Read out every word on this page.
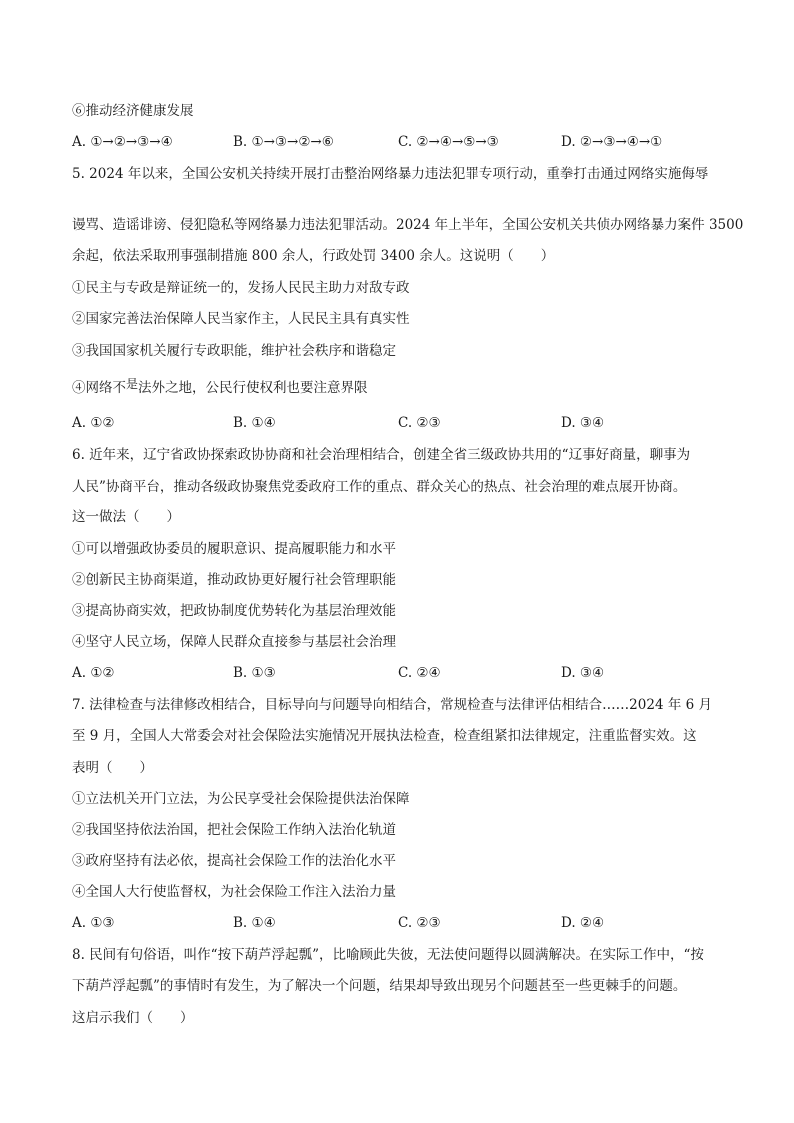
⑥推动经济健康发展
A. ①→②→③→④	B. ①→③→②→⑥	C. ②→④→⑤→③	D. ②→③→④→①
5. 2024 年以来，全国公安机关持续开展打击整治网络暴力违法犯罪专项行动，重拳打击通过网络实施侮辱
谩骂、造谣诽谤、侵犯隐私等网络暴力违法犯罪活动。2024 年上半年，全国公安机关共侦办网络暴力案件 3500
余起，依法采取刑事强制措施 800 余人，行政处罚 3400 余人。这说明（　　）
①民主与专政是辩证统一的，发扬人民民主助力对敌专政
②国家完善法治保障人民当家作主，人民民主具有真实性
③我国国家机关履行专政职能，维护社会秩序和谐稳定
④网络不是法外之地，公民行使权利也要注意界限
A. ①②	B. ①④	C. ②③	D. ③④
6. 近年来，辽宁省政协探索政协协商和社会治理相结合，创建全省三级政协共用的“辽事好商量，聊事为
人民”协商平台，推动各级政协聚焦党委政府工作的重点、群众关心的热点、社会治理的难点展开协商。
这一做法（　　）
①可以增强政协委员的履职意识、提高履职能力和水平
②创新民主协商渠道，推动政协更好履行社会管理职能
③提高协商实效，把政协制度优势转化为基层治理效能
④坚守人民立场，保障人民群众直接参与基层社会治理
A. ①②	B. ①③	C. ②④	D. ③④
7. 法律检查与法律修改相结合，目标导向与问题导向相结合，常规检查与法律评估相结合……2024 年 6 月
至 9 月，全国人大常委会对社会保险法实施情况开展执法检查，检查组紧扣法律规定，注重监督实效。这
表明（　　）
①立法机关开门立法，为公民享受社会保险提供法治保障
②我国坚持依法治国，把社会保险工作纳入法治化轨道
③政府坚持有法必依，提高社会保险工作的法治化水平
④全国人大行使监督权，为社会保险工作注入法治力量
A. ①③	B. ①④	C. ②③	D. ②④
8. 民间有句俗语，叫作“按下葫芦浮起瓢”，比喻顾此失彼，无法使问题得以圆满解决。在实际工作中，“按
下葫芦浮起瓢”的事情时有发生，为了解决一个问题，结果却导致出现另个问题甚至一些更棘手的问题。
这启示我们（　　）
